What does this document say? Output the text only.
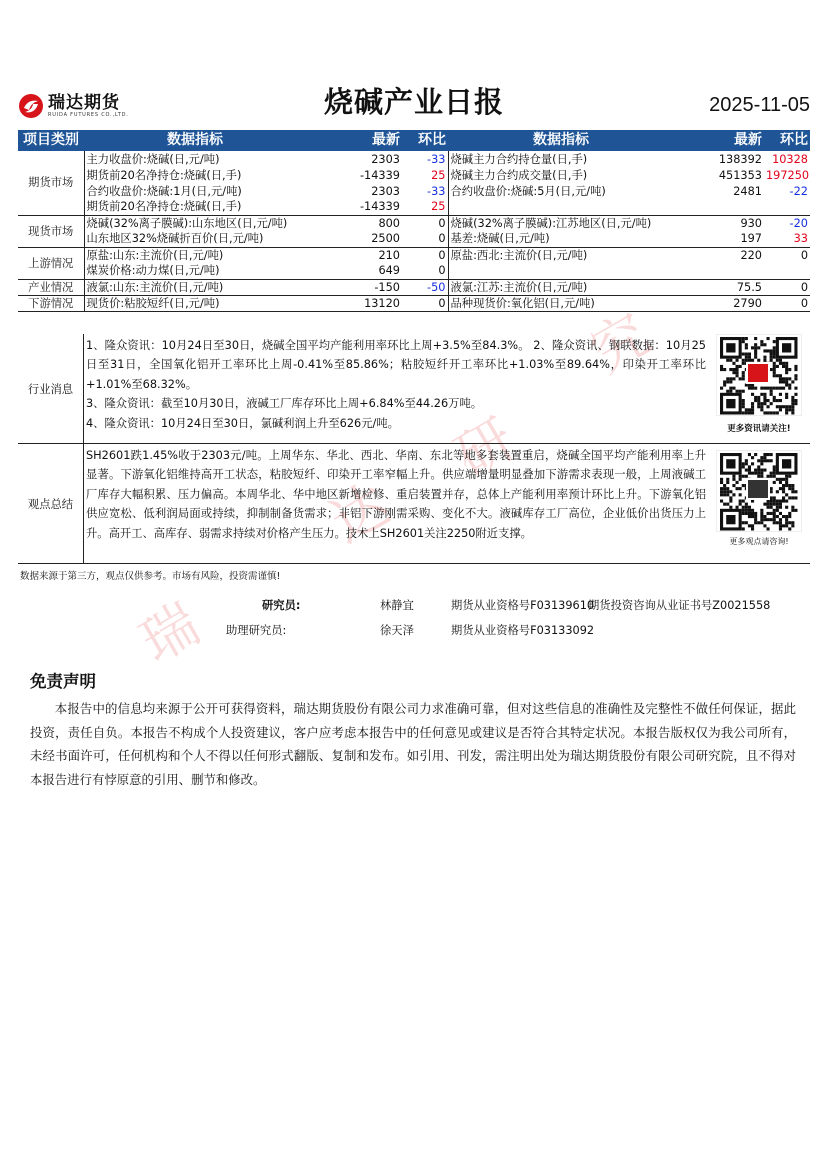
瑞
达
研
究
瑞达期货
RUIDA FUTURES CO.,LTD.	烧碱产业日报	2025-11-05
项目类别	数据指标	最新	环比	数据指标	最新	环比
期货市场	主力收盘价:烧碱(日,元/吨)	2303	-33	烧碱主力合约持仓量(日,手)	138392	10328
	期货前20名净持仓:烧碱(日,手)	-14339	25	烧碱主力合约成交量(日,手)	451353	197250
	合约收盘价:烧碱:1月(日,元/吨)	2303	-33	合约收盘价:烧碱:5月(日,元/吨)	2481	-22
	期货前20名净持仓:烧碱(日,手)	-14339	25			
现货市场	烧碱(32%离子膜碱):山东地区(日,元/吨)	800	0	烧碱(32%离子膜碱):江苏地区(日,元/吨)	930	-20
	山东地区32%烧碱折百价(日,元/吨)	2500	0	基差:烧碱(日,元/吨)	197	33
上游情况	原盐:山东:主流价(日,元/吨)	210	0	原盐:西北:主流价(日,元/吨)	220	0
	煤炭价格:动力煤(日,元/吨)	649	0			
产业情况	液氯:山东:主流价(日,元/吨)	-150	-50	液氯:江苏:主流价(日,元/吨)	75.5	0
下游情况	现货价:粘胶短纤(日,元/吨)	13120	0	品种现货价:氧化铝(日,元/吨)	2790	0
行业消息
1、隆众资讯：10月24日至30日，烧碱全国平均产能利用率环比上周+3.5%至84.3%。 2、隆众资讯、钢联数据：10月25日至31日，全国氧化铝开工率环比上周-0.41%至85.86%；粘胶短纤开工率环比+1.03%至89.64%，印染开工率环比+1.01%至68.32%。
3、隆众资讯：截至10月30日，液碱工厂库存环比上周+6.84%至44.26万吨。
4、隆众资讯：10月24日至30日，氯碱利润上升至626元/吨。	更多资讯请关注!
观点总结
SH2601跌1.45%收于2303元/吨。上周华东、华北、西北、华南、东北等地多套装置重启，烧碱全国平均产能利用率上升显著。下游氧化铝维持高开工状态，粘胶短纤、印染开工率窄幅上升。供应端增量明显叠加下游需求表现一般，上周液碱工厂库存大幅积累、压力偏高。本周华北、华中地区新增检修、重启装置并存，总体上产能利用率预计环比上升。下游氧化铝供应宽松、低利润局面或持续，抑制制备货需求；非铝下游刚需采购、变化不大。液碱库存工厂高位，企业低价出货压力上升。高开工、高库存、弱需求持续对价格产生压力。技术上SH2601关注2250附近支撑。
更多观点请咨询!
数据来源于第三方，观点仅供参考。市场有风险，投资需谨慎!
研究员:	林静宜	期货从业资格号F03139610
期货投资咨询从业证书号Z0021558
助理研究员:	徐天泽	期货从业资格号F03133092
免责声明
本报告中的信息均来源于公开可获得资料，瑞达期货股份有限公司力求准确可靠，但对这些信息的准确性及完整性不做任何保证，据此投资，责任自负。本报告不构成个人投资建议，客户应考虑本报告中的任何意见或建议是否符合其特定状况。本报告版权仅为我公司所有，未经书面许可，任何机构和个人不得以任何形式翻版、复制和发布。如引用、刊发，需注明出处为瑞达期货股份有限公司研究院，且不得对本报告进行有悖原意的引用、删节和修改。
